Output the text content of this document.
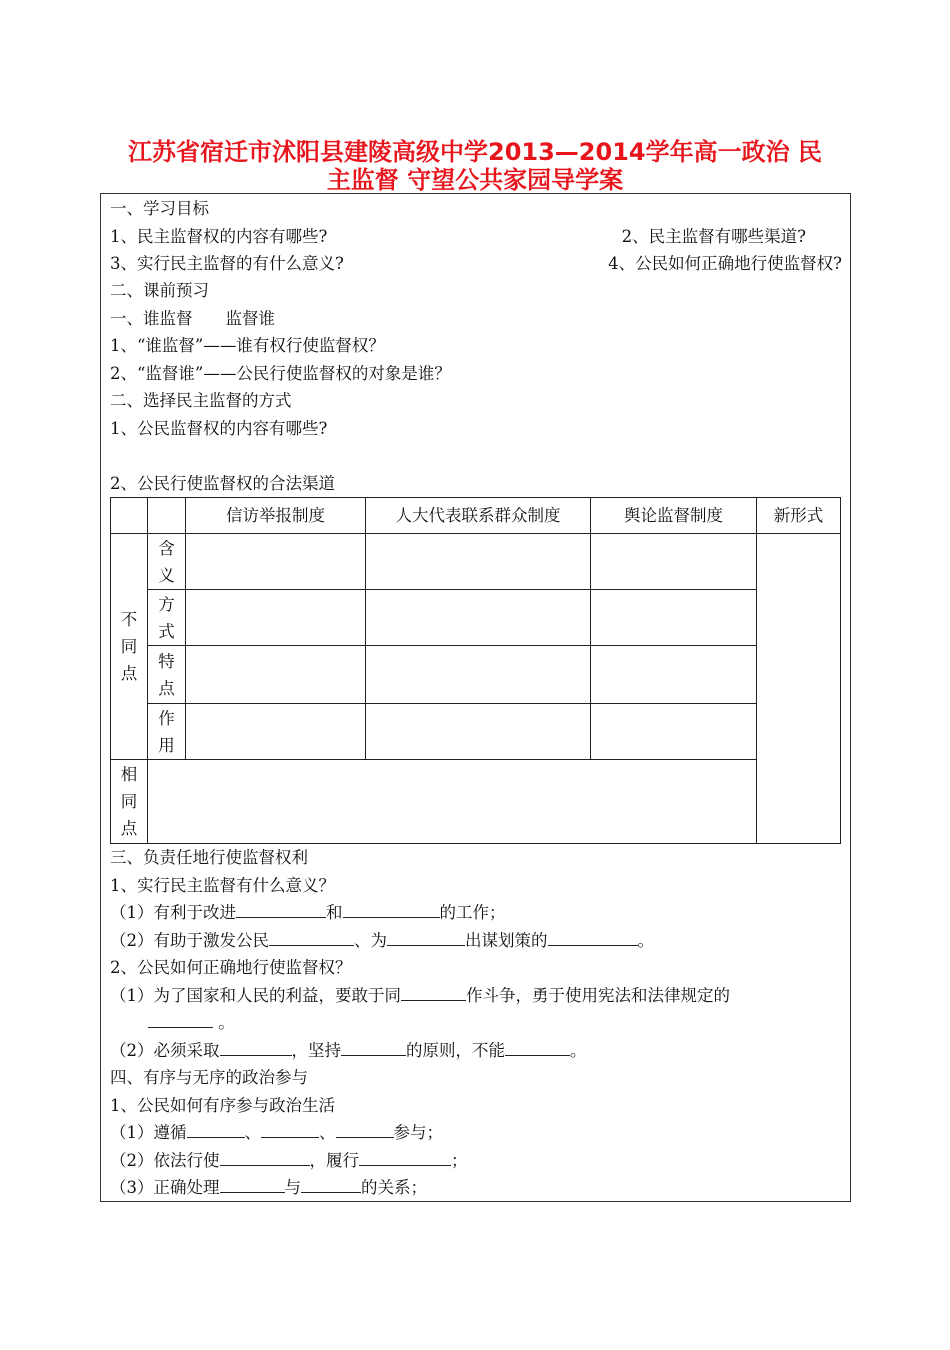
江苏省宿迁市沭阳县建陵高级中学2013—2014学年高一政治 民
主监督 守望公共家园导学案
一、学习目标
1、民主监督权的内容有哪些?	2、民主监督有哪些渠道?
3、实行民主监督的有什么意义?	4、公民如何正确地行使监督权?
二、课前预习
一、谁监督　　监督谁
1、“谁监督”——谁有权行使监督权？
2、“监督谁”——公民行使监督权的对象是谁？
二、选择民主监督的方式
1、公民监督权的内容有哪些?
2、公民行使监督权的合法渠道
		信访举报制度	人大代表联系群众制度	舆论监督制度	新形式

不同点	含义				

	方式				

	特点				

	作用				

相同点					

三、负责任地行使监督权利
1、实行民主监督有什么意义？
（1）有利于改进	和	的工作；
（2）有助于激发公民	、为	出谋划策的	。
2、公民如何正确地行使监督权？
（1）为了国家和人民的利益，要敢于同	作斗争，勇于使用宪法和法律规定的
。
（2）必须采取	，坚持	的原则，不能	。
四、有序与无序的政治参与
1、公民如何有序参与政治生活
（1）遵循	、	、	参与；
（2）依法行使	，履行	；
（3）正确处理	与	的关系；
